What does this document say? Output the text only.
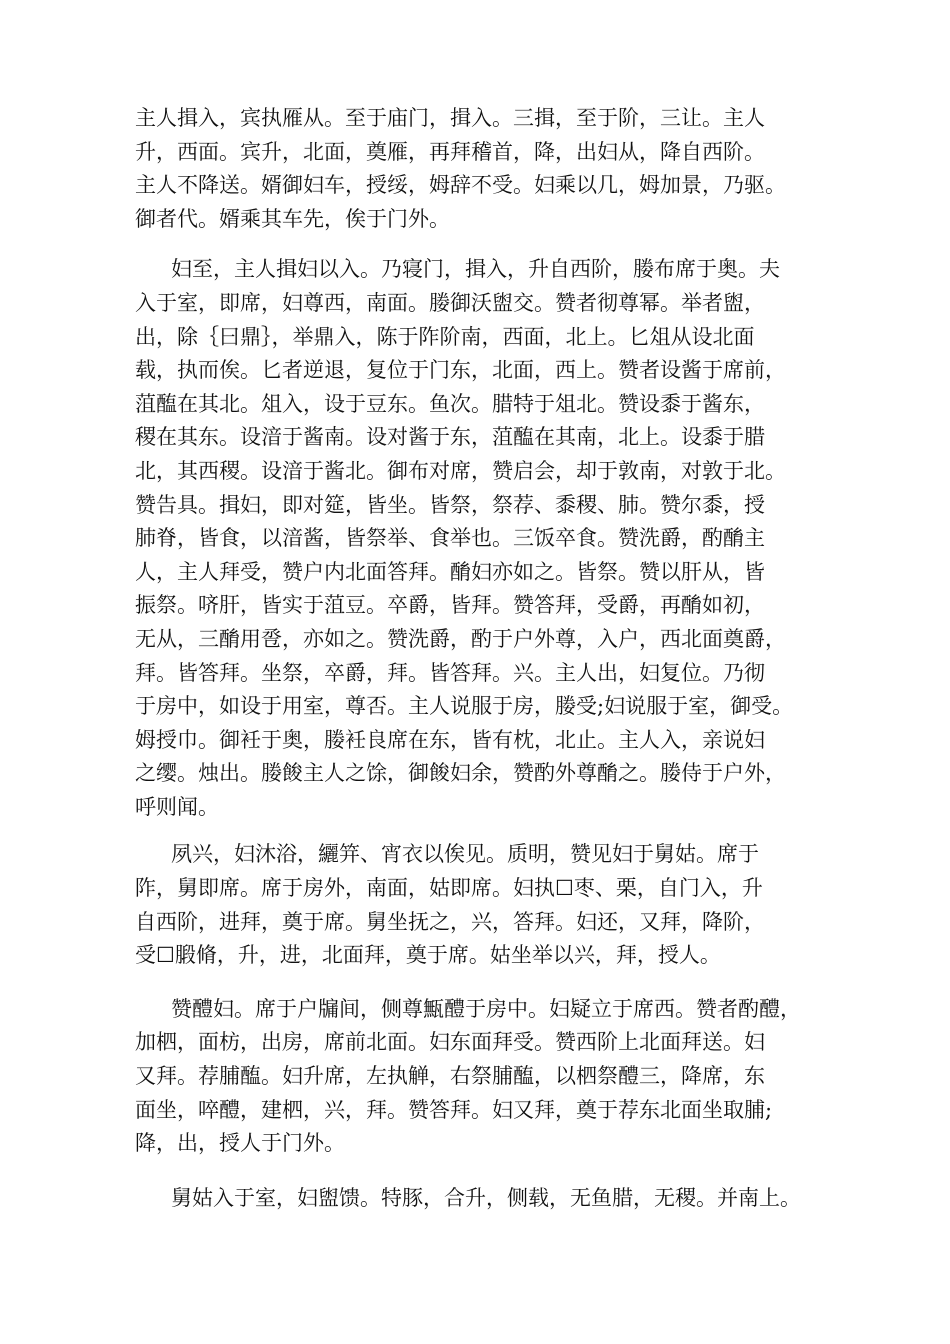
主人揖入，宾执雁从。至于庙门，揖入。三揖，至于阶，三让。主人
升，西面。宾升，北面，奠雁，再拜稽首，降，出妇从，降自西阶。
主人不降送。婿御妇车，授绥，姆辞不受。妇乘以几，姆加景，乃驱。
御者代。婿乘其车先，俟于门外。
妇至，主人揖妇以入。乃寝门，揖入，升自西阶，媵布席于奥。夫
入于室，即席，妇尊西，南面。媵御沃盥交。赞者彻尊幂。举者盥，
出，除｛曰鼎｝，举鼎入，陈于阼阶南，西面，北上。匕俎从设北面
载，执而俟。匕者逆退，复位于门东，北面，西上。赞者设酱于席前，
菹醢在其北。俎入，设于豆东。鱼次。腊特于俎北。赞设黍于酱东，
稷在其东。设湆于酱南。设对酱于东，菹醢在其南，北上。设黍于腊
北，其西稷。设湆于酱北。御布对席，赞启会，却于敦南，对敦于北。
赞告具。揖妇，即对筵，皆坐。皆祭，祭荐、黍稷、肺。赞尔黍，授
肺脊，皆食，以湆酱，皆祭举、食举也。三饭卒食。赞洗爵，酌酳主
人，主人拜受，赞户内北面答拜。酳妇亦如之。皆祭。赞以肝从，皆
振祭。哜肝，皆实于菹豆。卒爵，皆拜。赞答拜，受爵，再酳如初，
无从，三酳用卺，亦如之。赞洗爵，酌于户外尊，入户，西北面奠爵，
拜。皆答拜。坐祭，卒爵，拜。皆答拜。兴。主人出，妇复位。乃彻
于房中，如设于用室，尊否。主人说服于房，媵受;妇说服于室，御受。
姆授巾。御衽于奥，媵衽良席在东，皆有枕，北止。主人入，亲说妇
之缨。烛出。媵餕主人之馀，御餕妇余，赞酌外尊酳之。媵侍于户外，
呼则闻。
夙兴，妇沐浴，纚笄、宵衣以俟见。质明，赞见妇于舅姑。席于
阼，舅即席。席于房外，南面，姑即席。妇执☐枣、栗，自门入，升
自西阶，进拜，奠于席。舅坐抚之，兴，答拜。妇还，又拜，降阶，
受☐腶脩，升，进，北面拜，奠于席。姑坐举以兴，拜，授人。
赞醴妇。席于户牖间，侧尊甒醴于房中。妇疑立于席西。赞者酌醴，
加柶，面枋，出房，席前北面。妇东面拜受。赞西阶上北面拜送。妇
又拜。荐脯醢。妇升席，左执觯，右祭脯醢，以柶祭醴三，降席，东
面坐，啐醴，建柶，兴，拜。赞答拜。妇又拜，奠于荐东北面坐取脯;
降，出，授人于门外。
舅姑入于室，妇盥馈。特豚，合升，侧载，无鱼腊，无稷。并南上。
